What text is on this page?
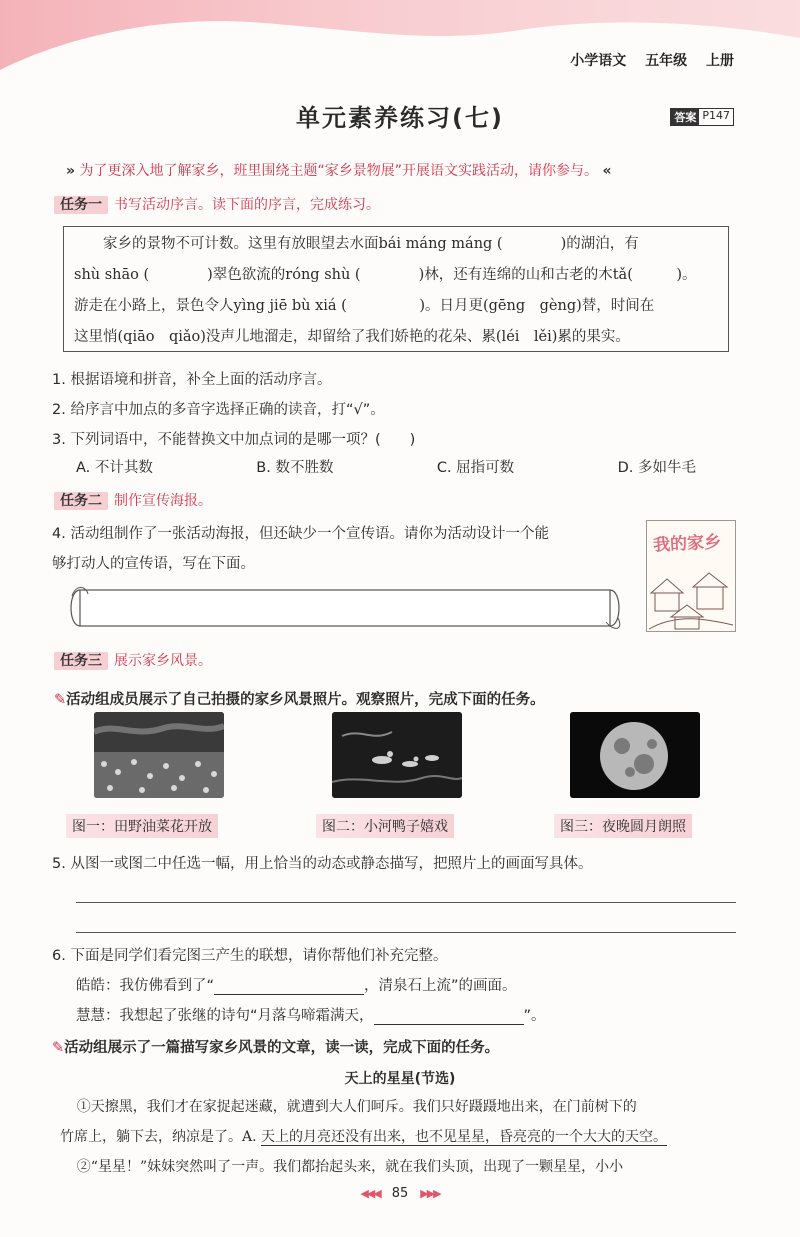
小学语文 五年级 上册
单元素养练习(七)	答案 P147
» 为了更深入地了解家乡，班里围绕主题“家乡景物展”开展语文实践活动，请你参与。 «
任务一 书写活动序言。读下面的序言，完成练习。

家乡的景物不可计数。这里有放眼望去水面bái máng máng (　　　　)的湖泊，有

shù shāo (　　　　)翠色欲流的róng shù (　　　　)林，还有连绵的山和古老的木tǎ(　　　)。

游走在小路上，景色令人yìng jiē bù xiá (　　　　　)。日月更(gēng　gèng)替，时间在

这里悄(qiāo　qiǎo)没声儿地溜走，却留给了我们娇艳的花朵、累(léi　lěi)累的果实。

1. 根据语境和拼音，补全上面的活动序言。
2. 给序言中加点的多音字选择正确的读音，打“√”。
3. 下列词语中，不能替换文中加点词的是哪一项？(　　)
A. 不计其数	B. 数不胜数	C. 屈指可数	D. 多如牛毛
任务二 制作宣传海报。
4. 活动组制作了一张活动海报，但还缺少一个宣传语。请你为活动设计一个能
够打动人的宣传语，写在下面。
我的家乡
任务三 展示家乡风景。
✎活动组成员展示了自己拍摄的家乡风景照片。观察照片，完成下面的任务。
图一：田野油菜花开放	图二：小河鸭子嬉戏	图三：夜晚圆月朗照
5. 从图一或图二中任选一幅，用上恰当的动态或静态描写，把照片上的画面写具体。
6. 下面是同学们看完图三产生的联想，请你帮他们补充完整。
皓皓：我仿佛看到了“	，清泉石上流”的画面。
慧慧：我想起了张继的诗句“月落乌啼霜满天，	”。
✎活动组展示了一篇描写家乡风景的文章，读一读，完成下面的任务。
天上的星星(节选)

①天擦黑，我们才在家捉起迷藏，就遭到大人们呵斥。我们只好蹑蹑地出来，在门前树下的

竹席上，躺下去，纳凉是了。A. 天上的月亮还没有出来，也不见星星，昏亮亮的一个大大的天空。

②“星星！”妹妹突然叫了一声。我们都抬起头来，就在我们头顶，出现了一颗星星，小小

◀◀◀ 85 ▶▶▶
